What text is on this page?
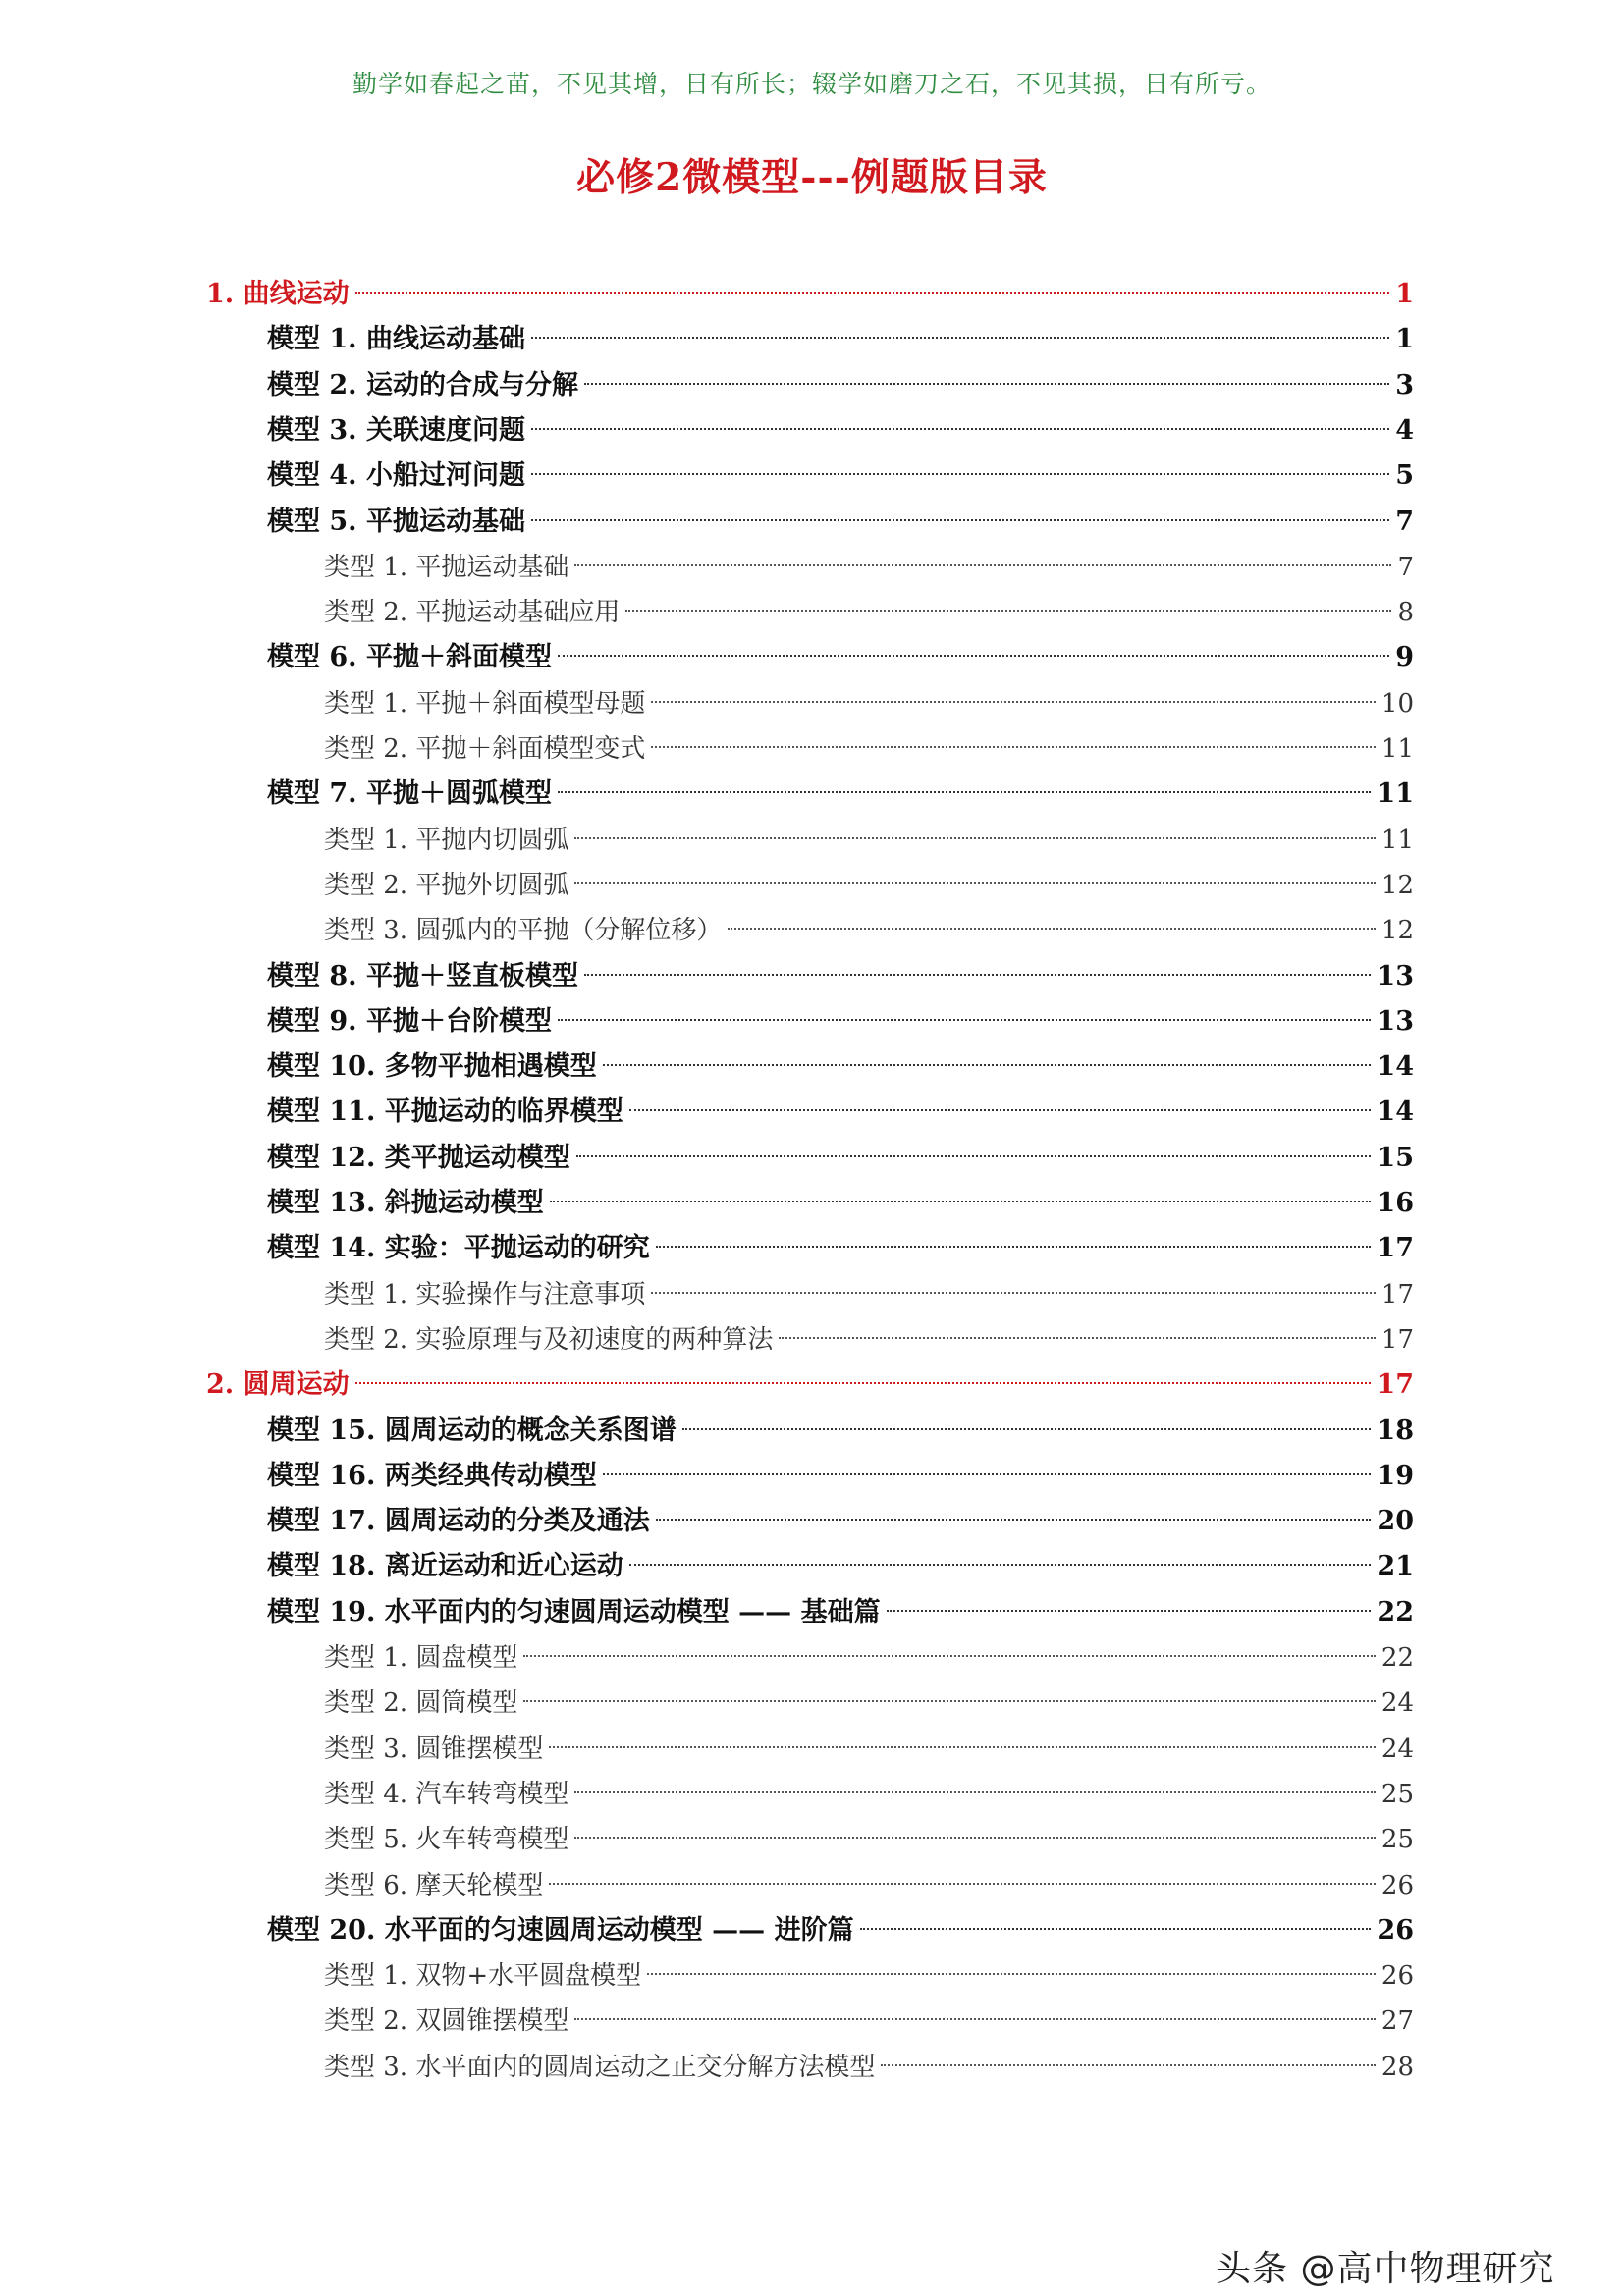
勤学如春起之苗，不见其增，日有所长；辍学如磨刀之石，不见其损，日有所亏。
必修2微模型---例题版目录
1. 曲线运动	1
模型 1. 曲线运动基础	1
模型 2. 运动的合成与分解	3
模型 3. 关联速度问题	4
模型 4. 小船过河问题	5
模型 5. 平抛运动基础	7
类型 1. 平抛运动基础	7
类型 2. 平抛运动基础应用	8
模型 6. 平抛＋斜面模型	9
类型 1. 平抛＋斜面模型母题	10
类型 2. 平抛＋斜面模型变式	11
模型 7. 平抛＋圆弧模型	11
类型 1. 平抛内切圆弧	11
类型 2. 平抛外切圆弧	12
类型 3. 圆弧内的平抛（分解位移）	12
模型 8. 平抛＋竖直板模型	13
模型 9. 平抛＋台阶模型	13
模型 10. 多物平抛相遇模型	14
模型 11. 平抛运动的临界模型	14
模型 12. 类平抛运动模型	15
模型 13. 斜抛运动模型	16
模型 14. 实验：平抛运动的研究	17
类型 1. 实验操作与注意事项	17
类型 2. 实验原理与及初速度的两种算法	17
2. 圆周运动	17
模型 15. 圆周运动的概念关系图谱	18
模型 16. 两类经典传动模型	19
模型 17. 圆周运动的分类及通法	20
模型 18. 离近运动和近心运动	21
模型 19. 水平面内的匀速圆周运动模型 —— 基础篇	22
类型 1. 圆盘模型	22
类型 2. 圆筒模型	24
类型 3. 圆锥摆模型	24
类型 4. 汽车转弯模型	25
类型 5. 火车转弯模型	25
类型 6. 摩天轮模型	26
模型 20. 水平面的匀速圆周运动模型 —— 进阶篇	26
类型 1. 双物+水平圆盘模型	26
类型 2. 双圆锥摆模型	27
类型 3. 水平面内的圆周运动之正交分解方法模型	28
头条 @高中物理研究
